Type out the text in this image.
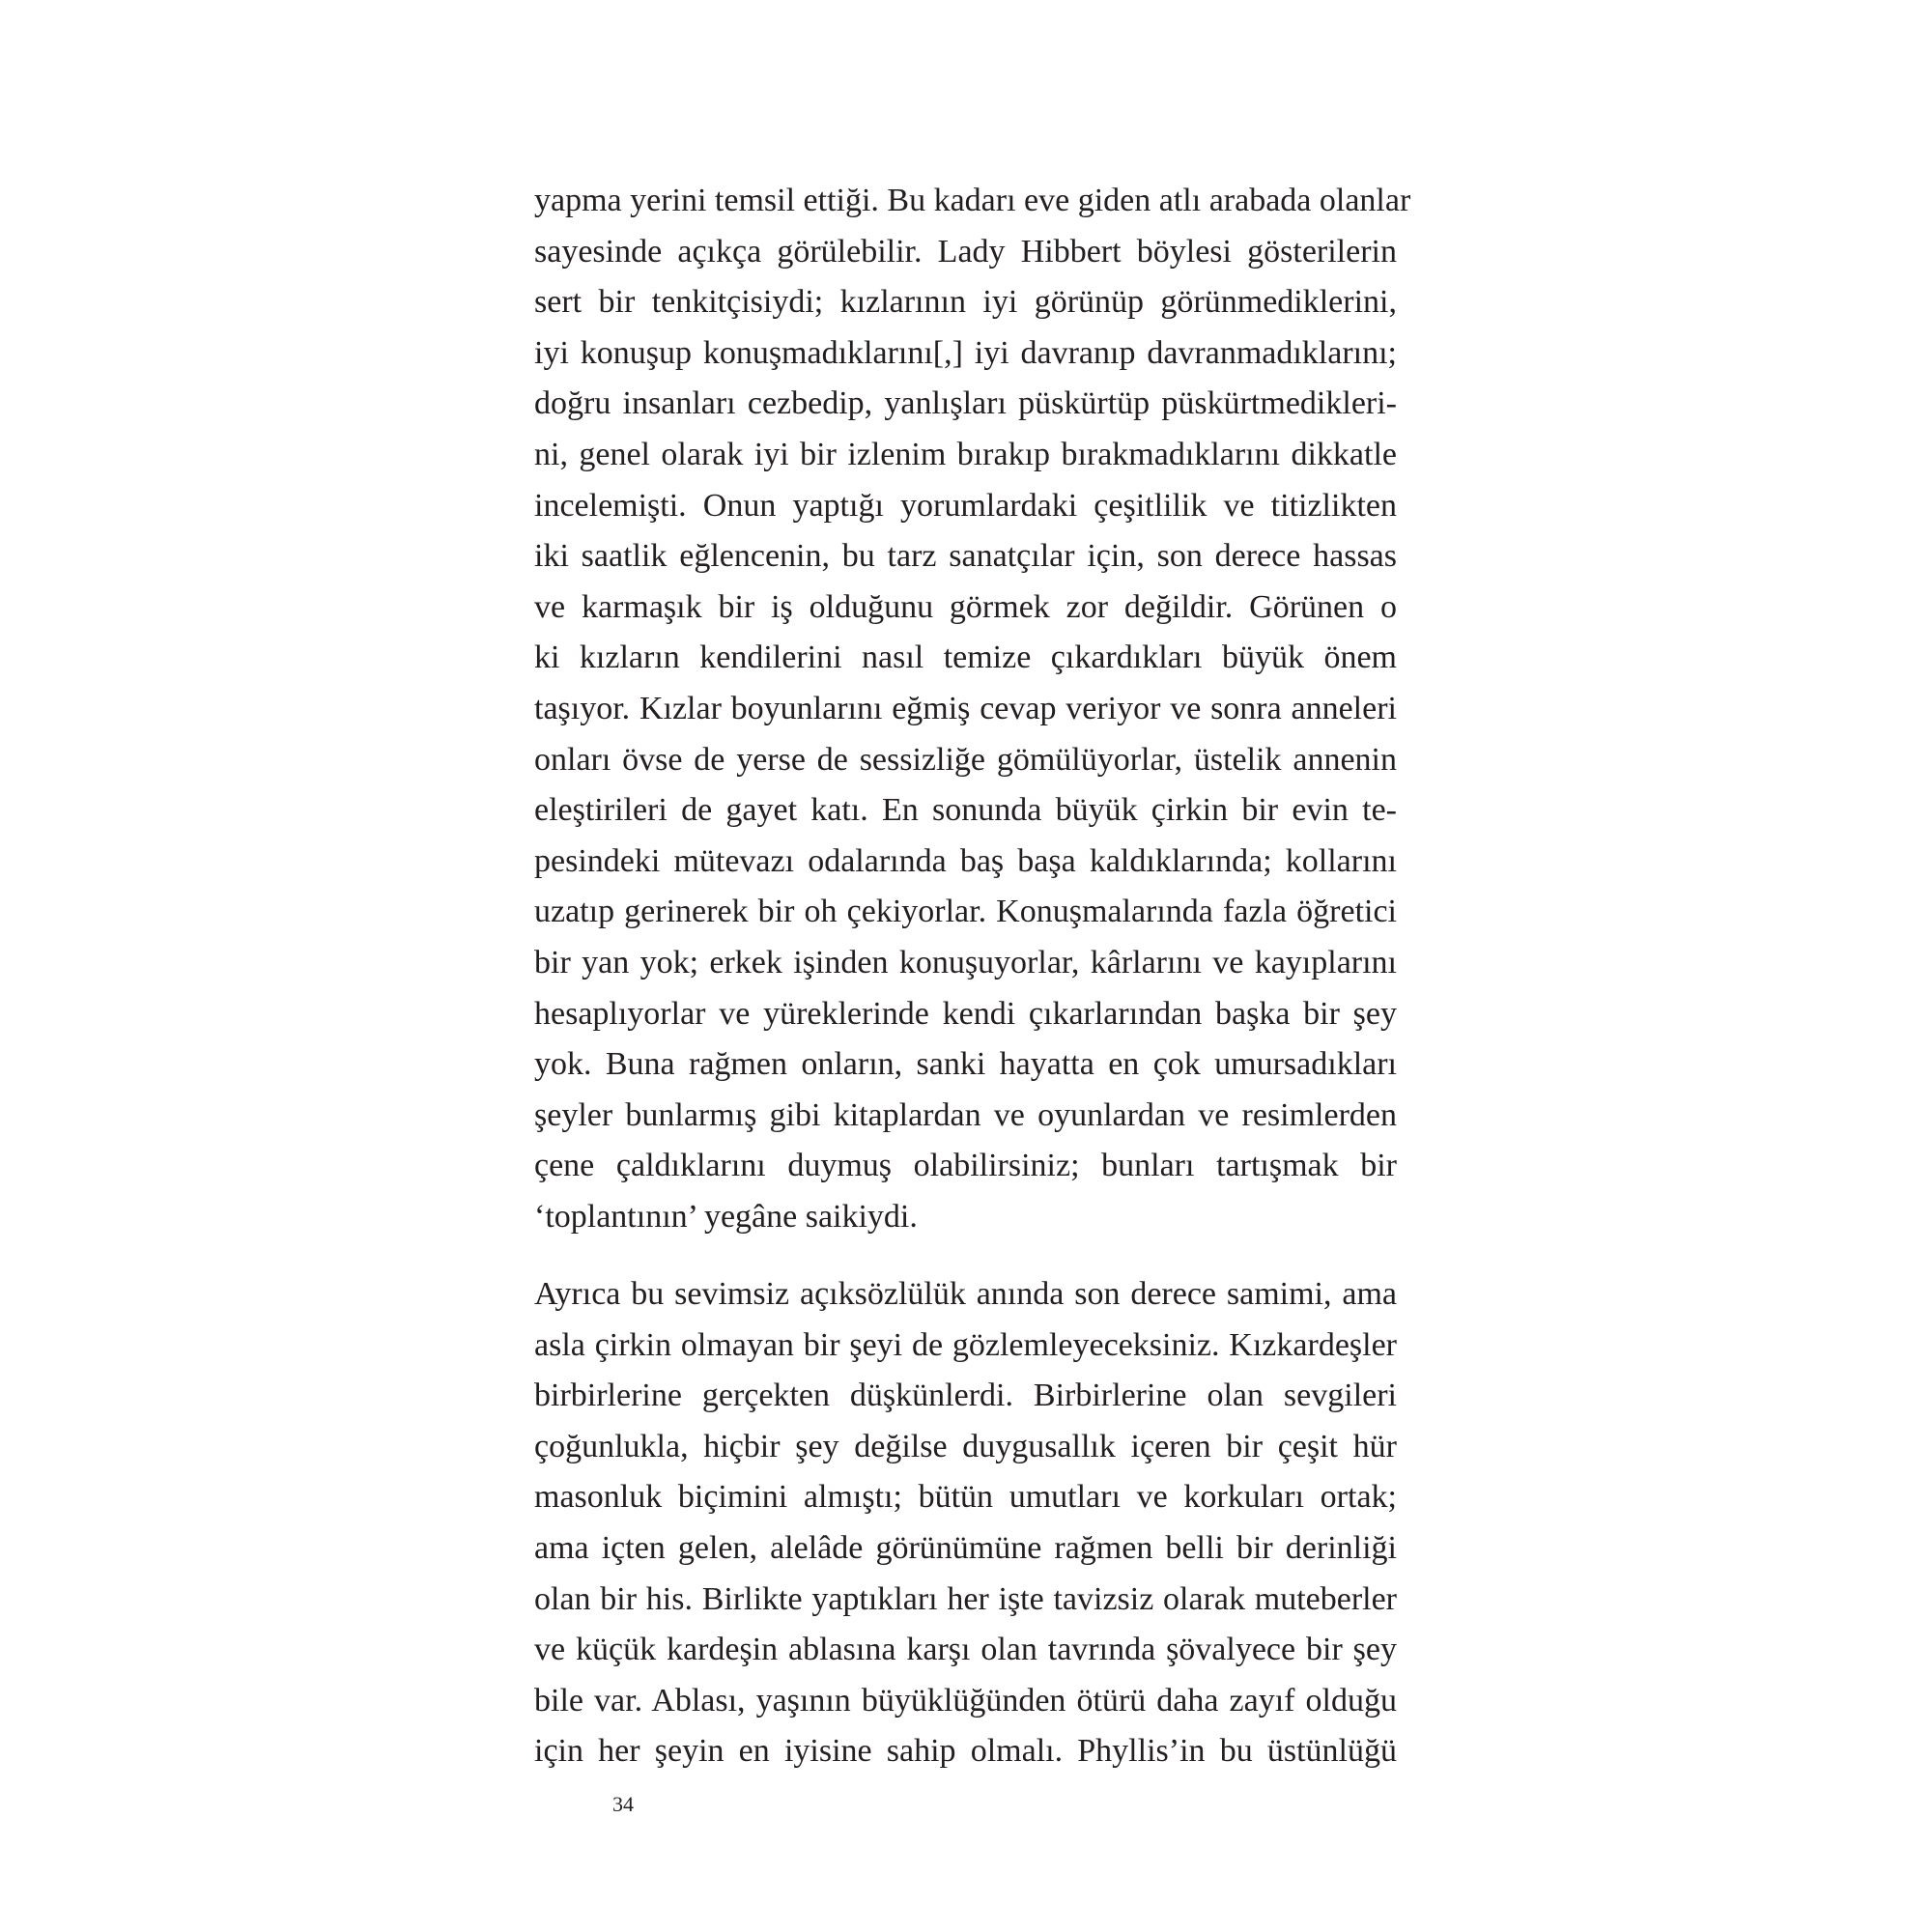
yapma yerini temsil ettiği. Bu kadarı eve giden atlı arabada olanlar
sayesinde açıkça görülebilir. Lady Hibbert böylesi gösterilerin
sert bir tenkitçisiydi; kızlarının iyi görünüp görünmediklerini,
iyi konuşup konuşmadıklarını[,] iyi davranıp davranmadıklarını;
doğru insanları cezbedip, yanlışları püskürtüp püskürtmedikleri-
ni, genel olarak iyi bir izlenim bırakıp bırakmadıklarını dikkatle
incelemişti. Onun yaptığı yorumlardaki çeşitlilik ve titizlikten
iki saatlik eğlencenin, bu tarz sanatçılar için, son derece hassas
ve karmaşık bir iş olduğunu görmek zor değildir. Görünen o
ki kızların kendilerini nasıl temize çıkardıkları büyük önem
taşıyor. Kızlar boyunlarını eğmiş cevap veriyor ve sonra anneleri
onları övse de yerse de sessizliğe gömülüyorlar, üstelik annenin
eleştirileri de gayet katı. En sonunda büyük çirkin bir evin te-
pesindeki mütevazı odalarında baş başa kaldıklarında; kollarını
uzatıp gerinerek bir oh çekiyorlar. Konuşmalarında fazla öğretici
bir yan yok; erkek işinden konuşuyorlar, kârlarını ve kayıplarını
hesaplıyorlar ve yüreklerinde kendi çıkarlarından başka bir şey
yok. Buna rağmen onların, sanki hayatta en çok umursadıkları
şeyler bunlarmış gibi kitaplardan ve oyunlardan ve resimlerden
çene çaldıklarını duymuş olabilirsiniz; bunları tartışmak bir
‘toplantının’ yegâne saikiydi.
Ayrıca bu sevimsiz açıksözlülük anında son derece samimi, ama
asla çirkin olmayan bir şeyi de gözlemleyeceksiniz. Kızkardeşler
birbirlerine gerçekten düşkünlerdi. Birbirlerine olan sevgileri
çoğunlukla, hiçbir şey değilse duygusallık içeren bir çeşit hür
masonluk biçimini almıştı; bütün umutları ve korkuları ortak;
ama içten gelen, alelâde görünümüne rağmen belli bir derinliği
olan bir his. Birlikte yaptıkları her işte tavizsiz olarak muteberler
ve küçük kardeşin ablasına karşı olan tavrında şövalyece bir şey
bile var. Ablası, yaşının büyüklüğünden ötürü daha zayıf olduğu
için her şeyin en iyisine sahip olmalı. Phyllis’in bu üstünlüğü
34
